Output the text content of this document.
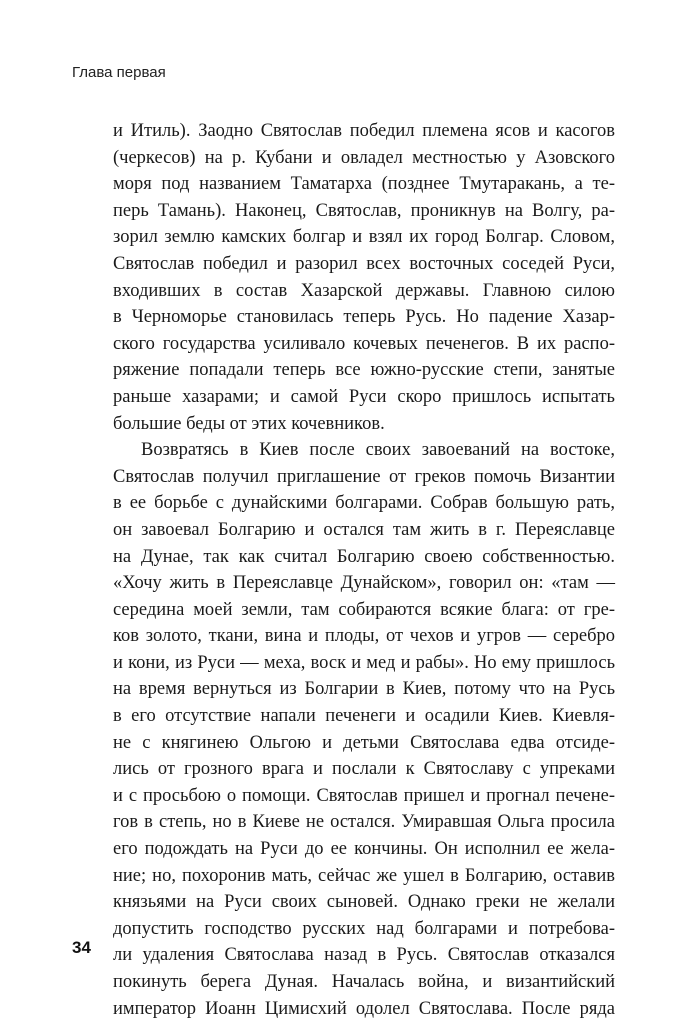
Глава первая
и Итиль). Заодно Святослав победил племена ясов и касогов
(черкесов) на р. Кубани и овладел местностью у Азовского
моря под названием Таматарха (позднее Тмутаракань, а те-
перь Тамань). Наконец, Святослав, проникнув на Волгу, ра-
зорил землю камских болгар и взял их город Болгар. Словом,
Святослав победил и разорил всех восточных соседей Руси,
входивших в состав Хазарской державы. Главною силою
в Черноморье становилась теперь Русь. Но падение Хазар-
ского государства усиливало кочевых печенегов. В их распо-
ряжение попадали теперь все южно-русские степи, занятые
раньше хазарами; и самой Руси скоро пришлось испытать
большие беды от этих кочевников.
Возвратясь в Киев после своих завоеваний на востоке,
Святослав получил приглашение от греков помочь Византии
в ее борьбе с дунайскими болгарами. Собрав большую рать,
он завоевал Болгарию и остался там жить в г. Переяславце
на Дунае, так как считал Болгарию своею собственностью.
«Хочу жить в Переяславце Дунайском», говорил он: «там —
середина моей земли, там собираются всякие блага: от гре-
ков золото, ткани, вина и плоды, от чехов и угров — серебро
и кони, из Руси — меха, воск и мед и рабы». Но ему пришлось
на время вернуться из Болгарии в Киев, потому что на Русь
в его отсутствие напали печенеги и осадили Киев. Киевля-
не с княгинею Ольгою и детьми Святослава едва отсиде-
лись от грозного врага и послали к Святославу с упреками
и с просьбою о помощи. Святослав пришел и прогнал печене-
гов в степь, но в Киеве не остался. Умиравшая Ольга просила
его подождать на Руси до ее кончины. Он исполнил ее жела-
ние; но, похоронив мать, сейчас же ушел в Болгарию, оставив
князьями на Руси своих сыновей. Однако греки не желали
допустить господство русских над болгарами и потребова-
ли удаления Святослава назад в Русь. Святослав отказался
покинуть берега Дуная. Началась война, и византийский
император Иоанн Цимисхий одолел Святослава. После ряда
34
